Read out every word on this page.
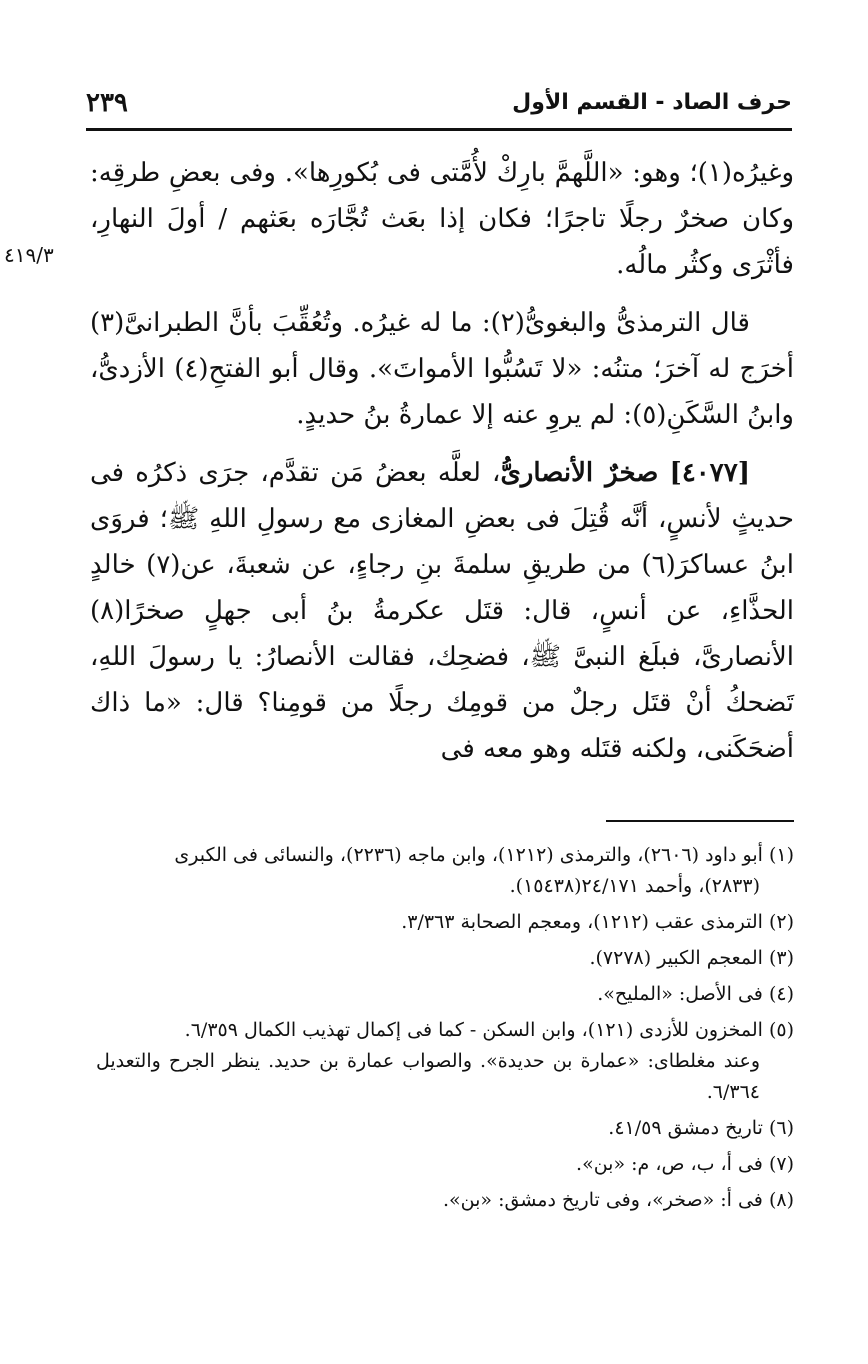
٢٣٩	حرف الصاد - القسم الأول
٤١٩/٣

وغيرُه(١)؛ وهو: «اللَّهمَّ بارِكْ لأُمَّتى فى بُكورِها». وفى بعضِ طرقِه: وكان صخرٌ رجلًا تاجرًا؛ فكان إذا بعَث تُجَّارَه بعَثهم / أولَ النهارِ، فأثْرَى وكثُر مالُه.

قال الترمذىُّ والبغوىُّ(٢): ما له غيرُه. وتُعُقِّبَ بأنَّ الطبرانىَّ(٣) أخرَج له آخرَ؛ متنُه: «لا تَسُبُّوا الأمواتَ». وقال أبو الفتحِ(٤) الأزدىُّ، وابنُ السَّكَنِ(٥): لم يروِ عنه إلا عمارةُ بنُ حديدٍ.

[٤٠٧٧] صخرٌ الأنصارىُّ، لعلَّه بعضُ مَن تقدَّم، جرَى ذكرُه فى حديثٍ لأنسٍ، أنَّه قُتِلَ فى بعضِ المغازى مع رسولِ اللهِ ﷺ؛ فروَى ابنُ عساكرَ(٦) من طريقِ سلمةَ بنِ رجاءٍ، عن شعبةَ، عن(٧) خالدٍ الحذَّاءِ، عن أنسٍ، قال: قتَل عكرمةُ بنُ أبى جهلٍ صخرًا(٨) الأنصارىَّ، فبلَغ النبىَّ ﷺ، فضحِك، فقالت الأنصارُ: يا رسولَ اللهِ، تَضحكُ أنْ قتَل رجلٌ من قومِك رجلًا من قومِنا؟ قال: «ما ذاك أضحَكَنى، ولكنه قتَله وهو معه فى

(١) أبو داود (٢٦٠٦)، والترمذى (١٢١٢)، وابن ماجه (٢٢٣٦)، والنسائى فى الكبرى
(٢٨٣٣)، وأحمد ٢٤/١٧١(١٥٤٣٨).

(٢) الترمذى عقب (١٢١٢)، ومعجم الصحابة ٣/٣٦٣.

(٣) المعجم الكبير (٧٢٧٨).

(٤) فى الأصل: «المليح».

(٥) المخزون للأزدى (١٢١)، وابن السكن - كما فى إكمال تهذيب الكمال ٦/٣٥٩.
وعند مغلطاى: «عمارة بن حديدة». والصواب عمارة بن حديد. ينظر الجرح والتعديل ٦/٣٦٤.

(٦) تاريخ دمشق ٤١/٥٩.

(٧) فى أ، ب، ص، م: «بن».

(٨) فى أ: «صخر»، وفى تاريخ دمشق: «بن».
